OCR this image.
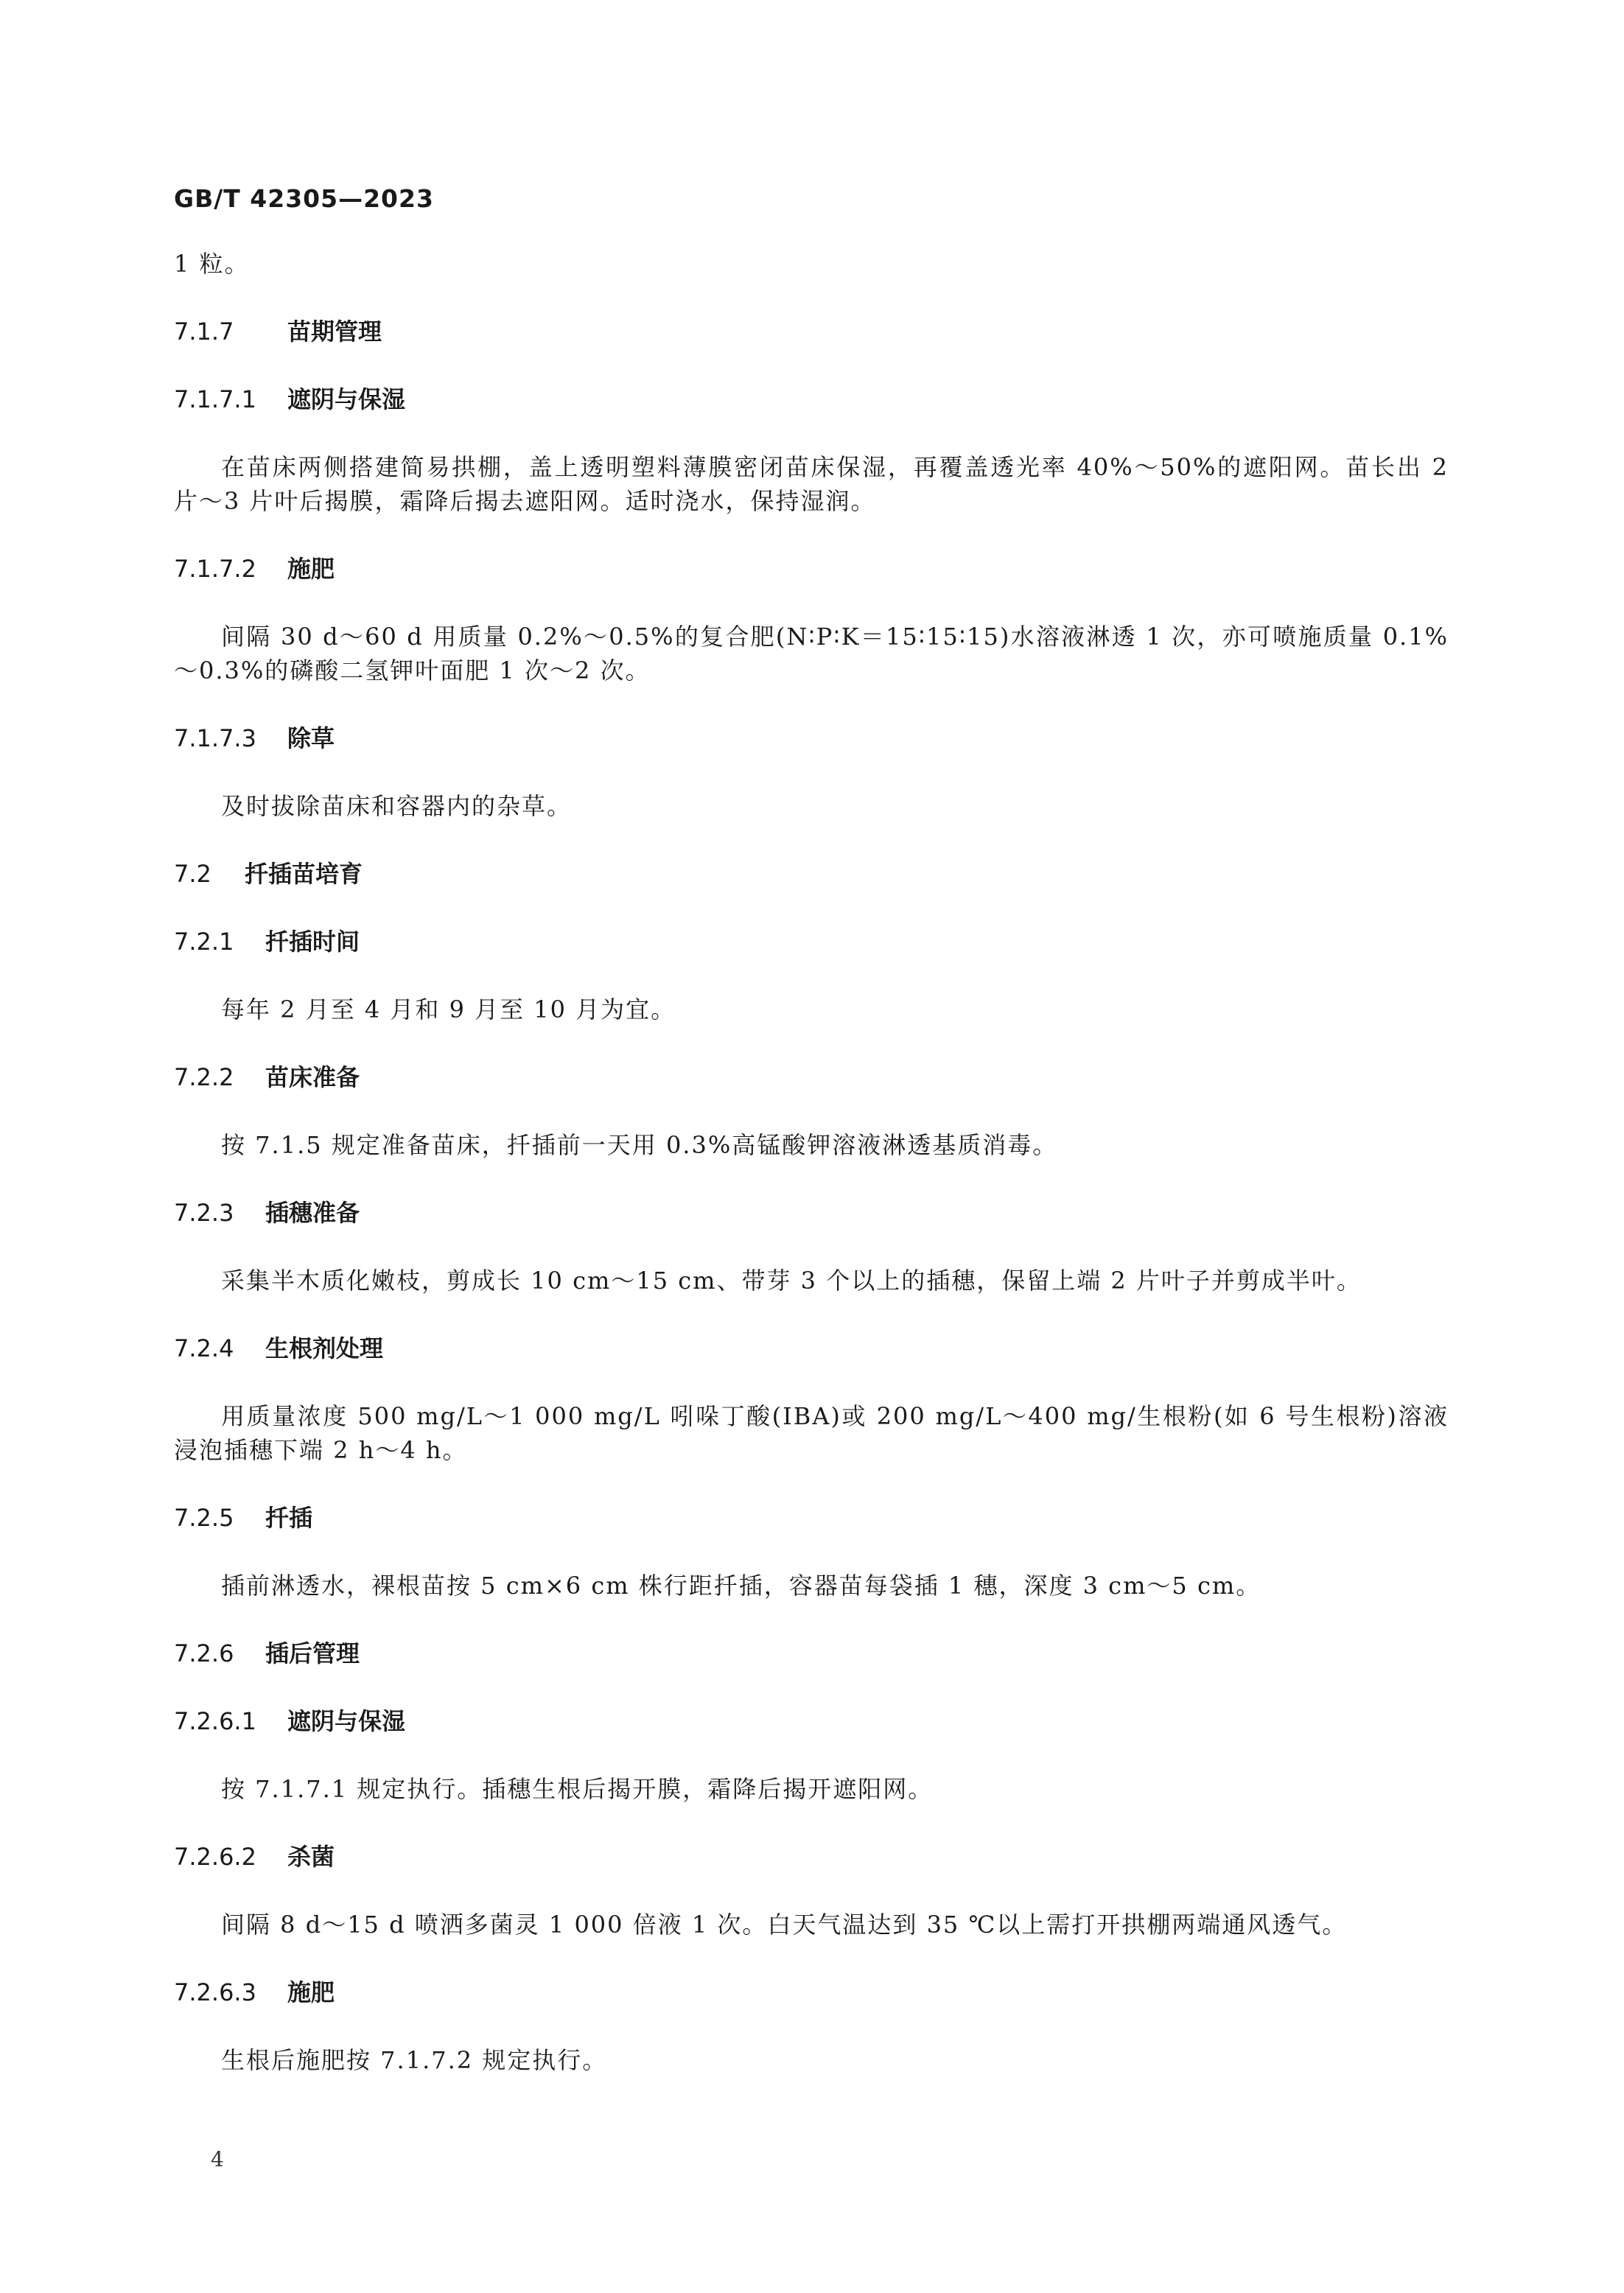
GB/T 42305—2023

1 粒。

7.1.7 苗期管理
7.1.7.1 遮阴与保湿

在苗床两侧搭建简易拱棚，盖上透明塑料薄膜密闭苗床保湿，再覆盖透光率 40%～50%的遮阳网。苗长出 2 片～3 片叶后揭膜，霜降后揭去遮阳网。适时浇水，保持湿润。

7.1.7.2 施肥

间隔 30 d～60 d 用质量 0.2%～0.5%的复合肥(N∶P∶K＝15∶15∶15)水溶液淋透 1 次，亦可喷施质量 0.1%～0.3%的磷酸二氢钾叶面肥 1 次～2 次。

7.1.7.3 除草

及时拔除苗床和容器内的杂草。

7.2 扦插苗培育
7.2.1 扦插时间

每年 2 月至 4 月和 9 月至 10 月为宜。

7.2.2 苗床准备

按 7.1.5 规定准备苗床，扦插前一天用 0.3%高锰酸钾溶液淋透基质消毒。

7.2.3 插穗准备

采集半木质化嫩枝，剪成长 10 cm～15 cm、带芽 3 个以上的插穗，保留上端 2 片叶子并剪成半叶。

7.2.4 生根剂处理

用质量浓度 500 mg/L～1 000 mg/L 吲哚丁酸(IBA)或 200 mg/L～400 mg/生根粉(如 6 号生根粉)溶液浸泡插穗下端 2 h～4 h。

7.2.5 扦插

插前淋透水，裸根苗按 5 cm×6 cm 株行距扦插，容器苗每袋插 1 穗，深度 3 cm～5 cm。

7.2.6 插后管理
7.2.6.1 遮阴与保湿

按 7.1.7.1 规定执行。插穗生根后揭开膜，霜降后揭开遮阳网。

7.2.6.2 杀菌

间隔 8 d～15 d 喷洒多菌灵 1 000 倍液 1 次。白天气温达到 35 ℃以上需打开拱棚两端通风透气。

7.2.6.3 施肥

生根后施肥按 7.1.7.2 规定执行。

4
